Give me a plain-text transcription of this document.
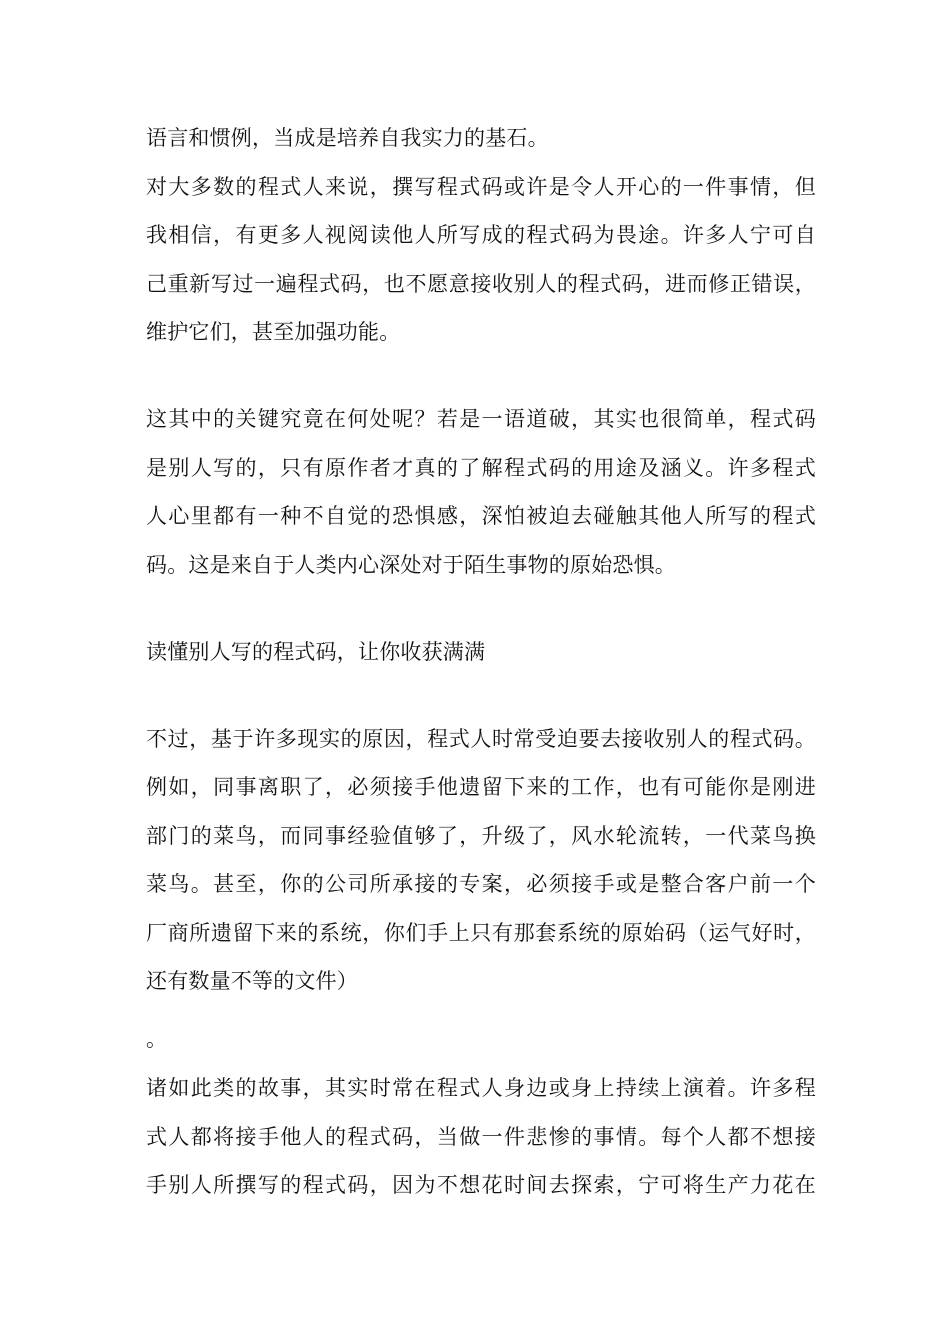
语言和惯例，当成是培养自我实力的基石。
对大多数的程式人来说，撰写程式码或许是令人开心的一件事情，但
我相信，有更多人视阅读他人所写成的程式码为畏途。许多人宁可自
己重新写过一遍程式码，也不愿意接收别人的程式码，进而修正错误，
维护它们，甚至加强功能。
这其中的关键究竟在何处呢？若是一语道破，其实也很简单，程式码
是别人写的，只有原作者才真的了解程式码的用途及涵义。许多程式
人心里都有一种不自觉的恐惧感，深怕被迫去碰触其他人所写的程式
码。这是来自于人类内心深处对于陌生事物的原始恐惧。
读懂别人写的程式码，让你收获满满
不过，基于许多现实的原因，程式人时常受迫要去接收别人的程式码。
例如，同事离职了，必须接手他遗留下来的工作，也有可能你是刚进
部门的菜鸟，而同事经验值够了，升级了，风水轮流转，一代菜鸟换
菜鸟。甚至，你的公司所承接的专案，必须接手或是整合客户前一个
厂商所遗留下来的系统，你们手上只有那套系统的原始码（运气好时，
还有数量不等的文件）
。
诸如此类的故事，其实时常在程式人身边或身上持续上演着。许多程
式人都将接手他人的程式码，当做一件悲惨的事情。每个人都不想接
手别人所撰写的程式码，因为不想花时间去探索，宁可将生产力花在
